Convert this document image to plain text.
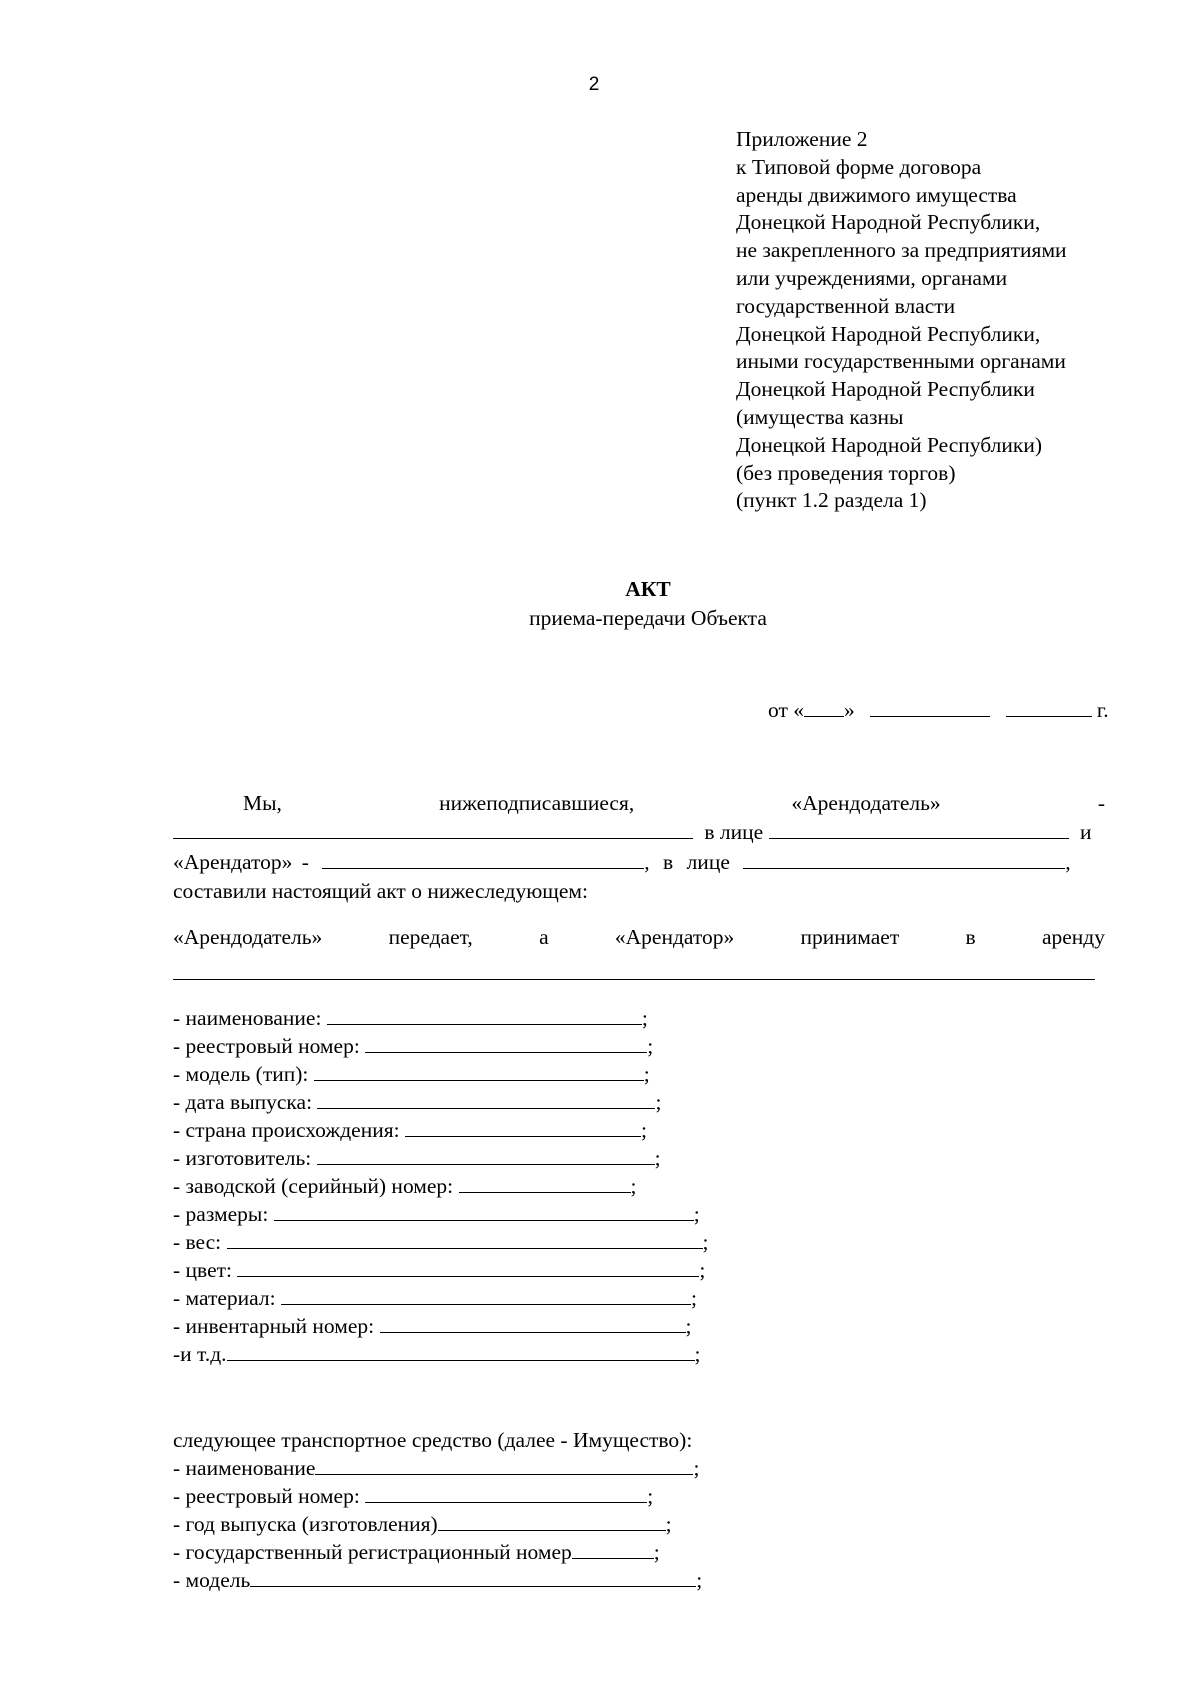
2
Приложение 2
к Типовой форме договора
аренды движимого имущества
Донецкой Народной Республики,
не закрепленного за предприятиями
или учреждениями, органами
государственной власти
Донецкой Народной Республики,
иными государственными органами
Донецкой Народной Республики
(имущества казны
Донецкой Народной Республики)
(без проведения торгов)
(пункт 1.2 раздела 1)
АКТ
приема-передачи Объекта
от « »	г.
Мы,	нижеподписавшиеся,	«Арендодатель»	-
в лице	и
«Арендатор» -	, в лице	,
составили настоящий акт о нижеследующем:
«Арендодатель»	передает,	а	«Арендатор»	принимает	в	аренду
- наименование:	;
- реестровый номер:	;
- модель (тип):	;
- дата выпуска:	;
- страна происхождения:	;
- изготовитель:	;
- заводской (серийный) номер:	;
- размеры:	;
- вес:	;
- цвет:	;
- материал:	;
- инвентарный номер:	;
-и т.д.	;
следующее транспортное средство (далее - Имущество):
- наименование	;
- реестровый номер:	;
- год выпуска (изготовления)	;
- государственный регистрационный номер	;
- модель	;
